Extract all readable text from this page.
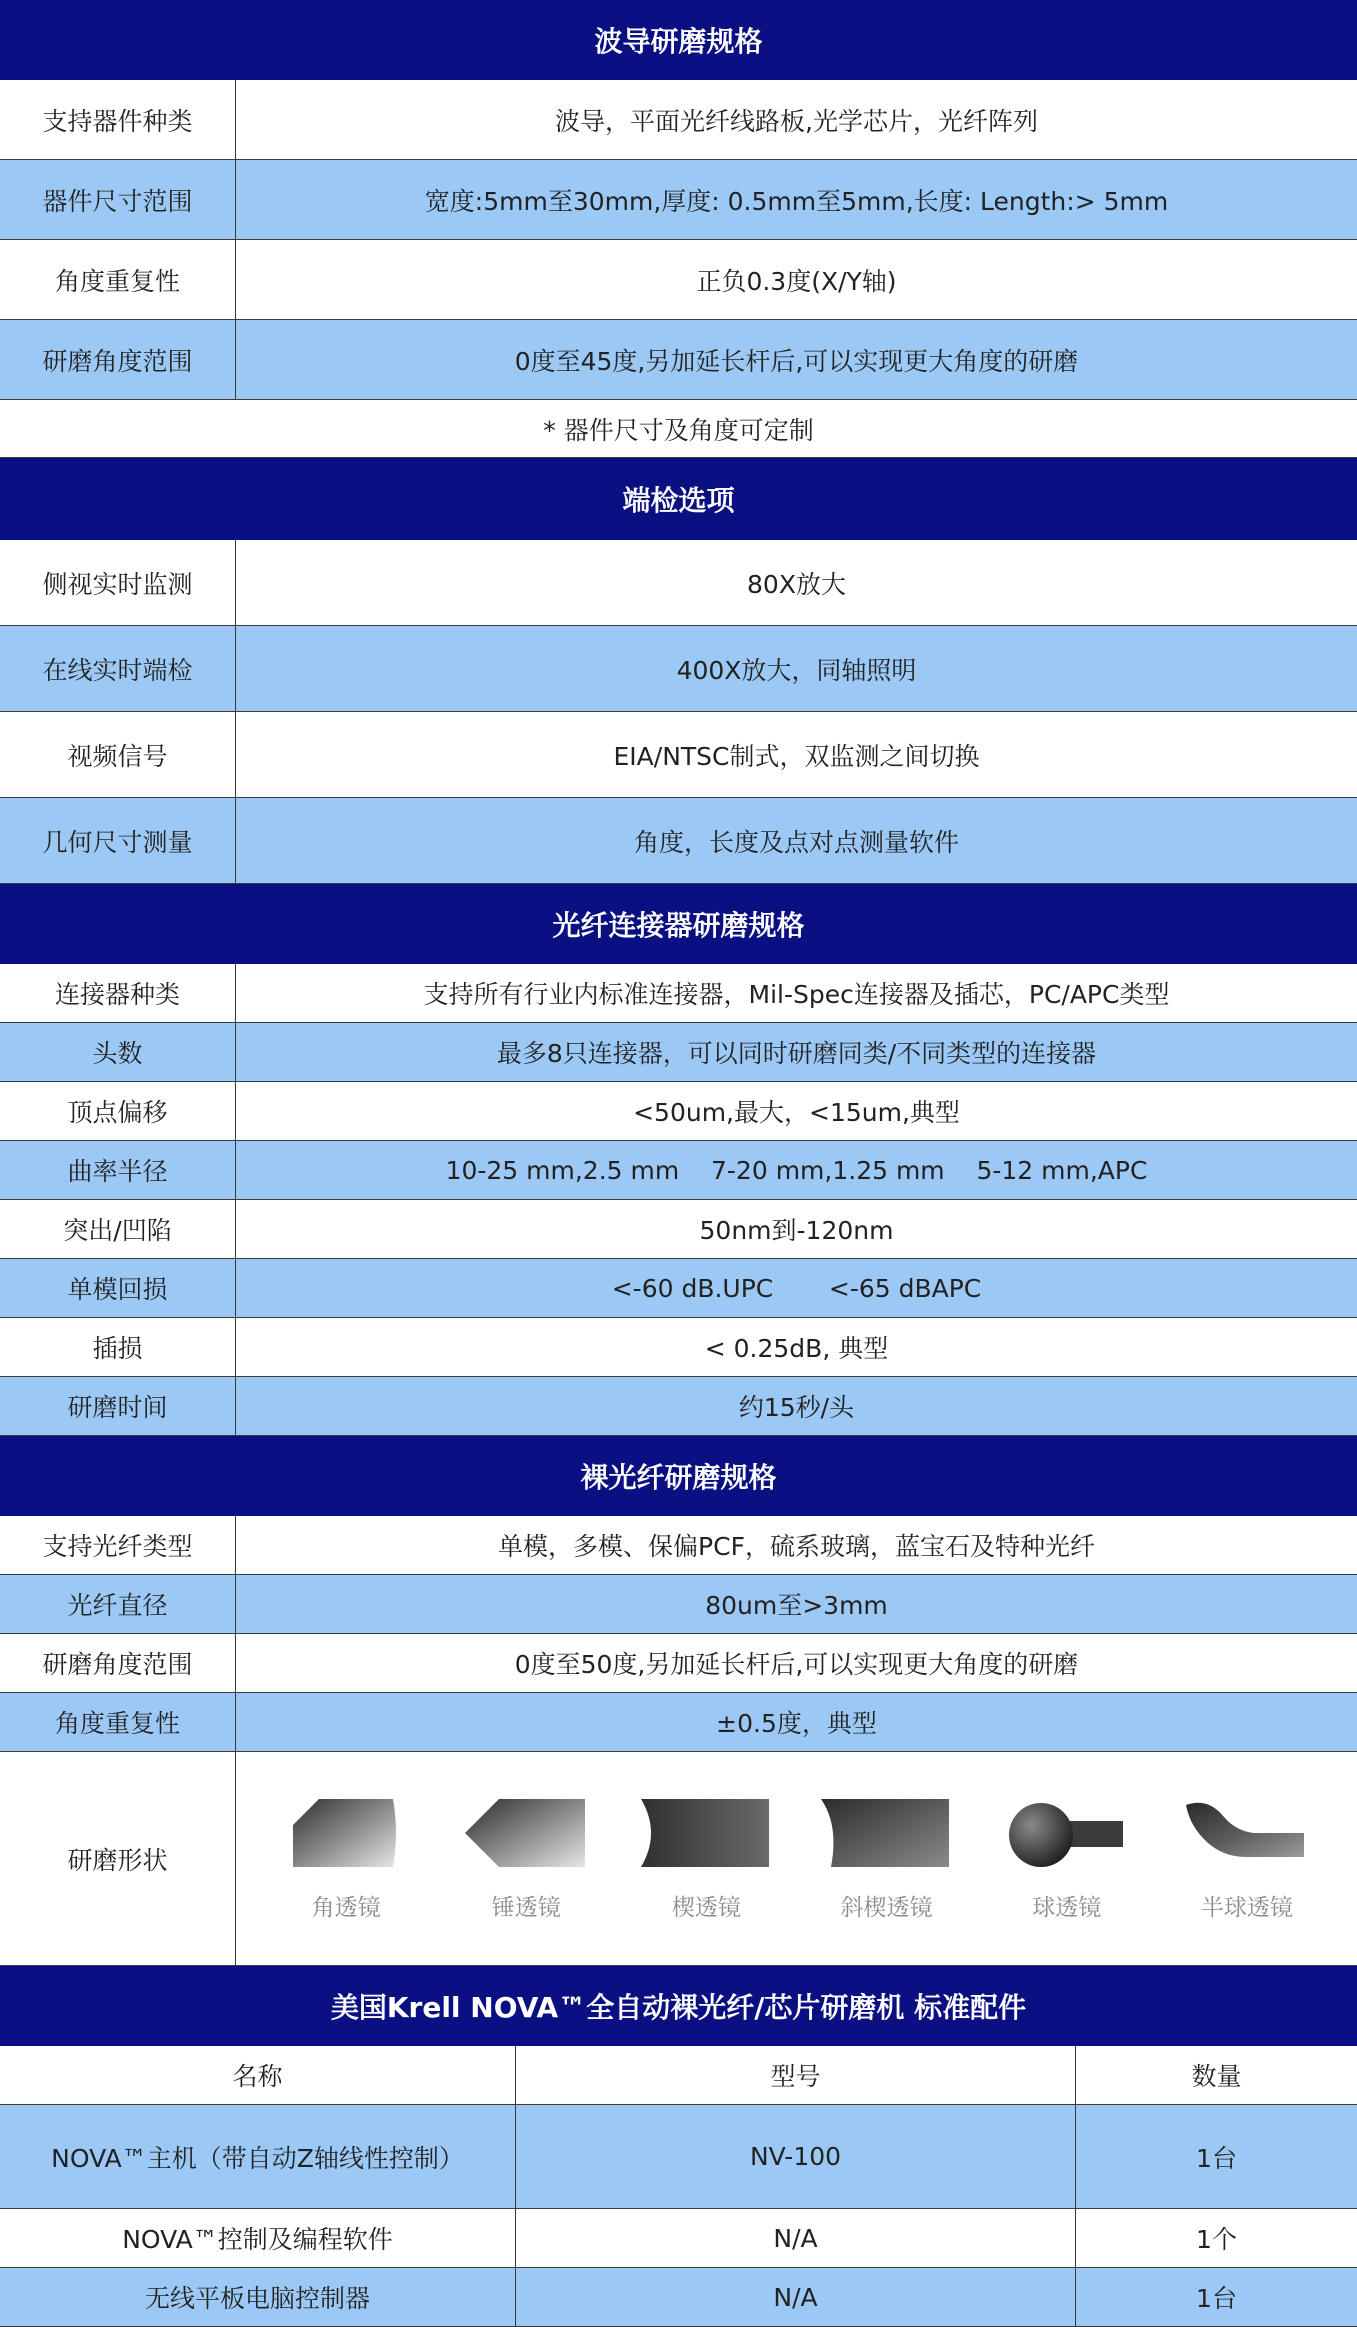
波导研磨规格
支持器件种类	波导，平面光纤线路板,光学芯片，光纤阵列
器件尺寸范围	宽度:5mm至30mm,厚度: 0.5mm至5mm,长度: Length:> 5mm
角度重复性	正负0.3度(X/Y轴)
研磨角度范围	0度至45度,另加延长杆后,可以实现更大角度的研磨
* 器件尺寸及角度可定制
端检选项
侧视实时监测	80X放大
在线实时端检	400X放大，同轴照明
视频信号	EIA/NTSC制式，双监测之间切换
几何尺寸测量	角度，长度及点对点测量软件
光纤连接器研磨规格
连接器种类	支持所有行业内标准连接器，Mil-Spec连接器及插芯，PC/APC类型
头数	最多8只连接器，可以同时研磨同类/不同类型的连接器
顶点偏移	<50um,最大，<15um,典型
曲率半径	10-25 mm,2.5 mm    7-20 mm,1.25 mm    5-12 mm,APC
突出/凹陷	50nm到-120nm
单模回损	<-60 dB.UPC       <-65 dBAPC
插损	< 0.25dB, 典型
研磨时间	约15秒/头
裸光纤研磨规格
支持光纤类型	单模，多模、保偏PCF，硫系玻璃，蓝宝石及特种光纤
光纤直径	80um至>3mm
研磨角度范围	0度至50度,另加延长杆后,可以实现更大角度的研磨
角度重复性	±0.5度，典型
研磨形状
角透镜	锤透镜	楔透镜	斜楔透镜	球透镜	半球透镜
美国Krell NOVA™全自动裸光纤/芯片研磨机 标准配件
名称	型号	数量
NOVA™主机（带自动Z轴线性控制）	NV-100	1台
NOVA™控制及编程软件	N/A	1个
无线平板电脑控制器	N/A	1台
